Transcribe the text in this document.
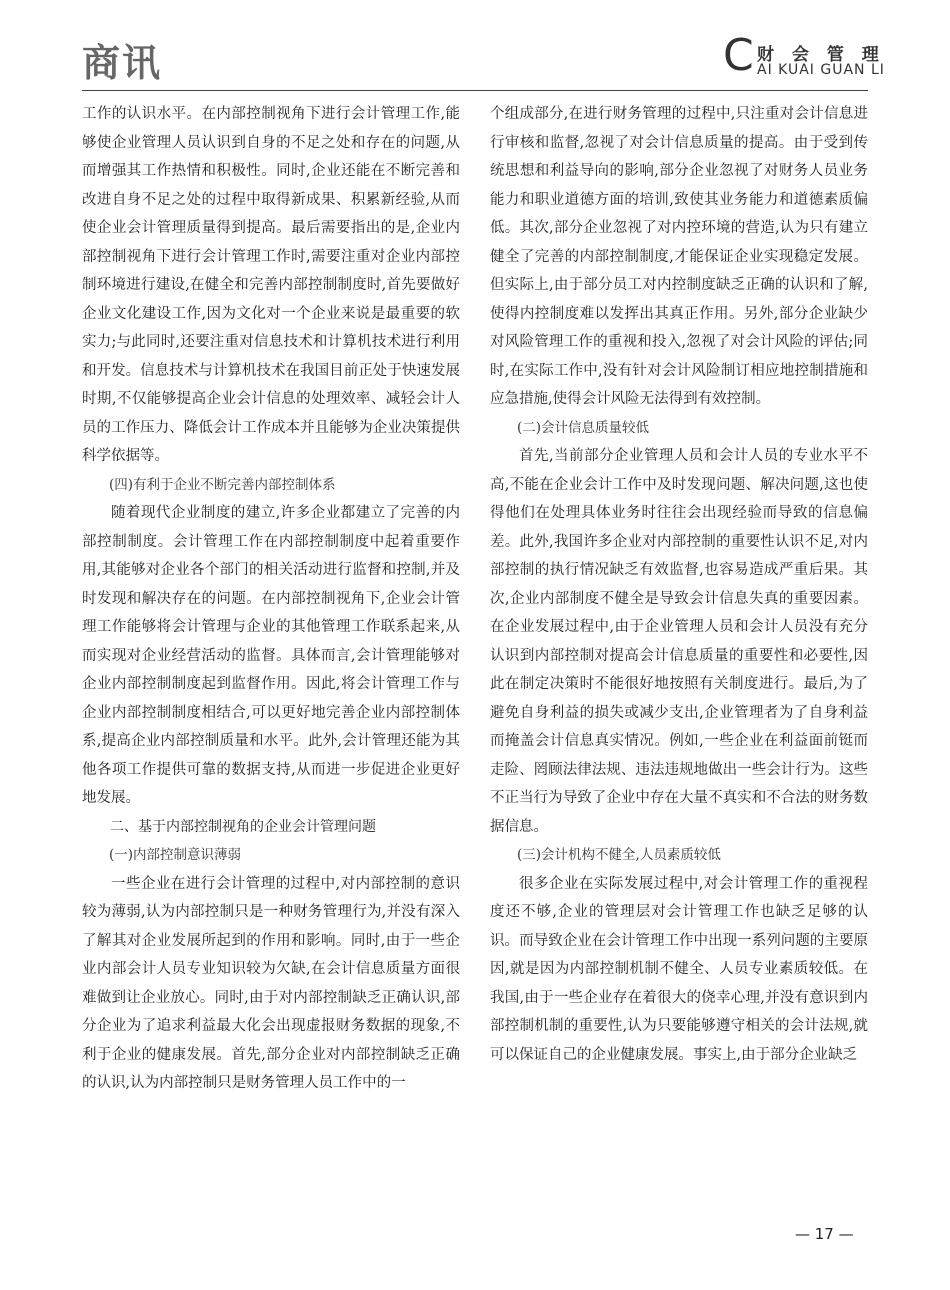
商讯	C 财 会 管 理
AI KUAI GUAN LI

工作的认识水平。在内部控制视角下进行会计管理工作,能够使企业管理人员认识到自身的不足之处和存在的问题,从而增强其工作热情和积极性。同时,企业还能在不断完善和改进自身不足之处的过程中取得新成果、积累新经验,从而使企业会计管理质量得到提高。最后需要指出的是,企业内部控制视角下进行会计管理工作时,需要注重对企业内部控制环境进行建设,在健全和完善内部控制制度时,首先要做好企业文化建设工作,因为文化对一个企业来说是最重要的软实力;与此同时,还要注重对信息技术和计算机技术进行利用和开发。信息技术与计算机技术在我国目前正处于快速发展时期,不仅能够提高企业会计信息的处理效率、减轻会计人员的工作压力、降低会计工作成本并且能够为企业决策提供科学依据等。

(四)有利于企业不断完善内部控制体系

随着现代企业制度的建立,许多企业都建立了完善的内部控制制度。会计管理工作在内部控制制度中起着重要作用,其能够对企业各个部门的相关活动进行监督和控制,并及时发现和解决存在的问题。在内部控制视角下,企业会计管理工作能够将会计管理与企业的其他管理工作联系起来,从而实现对企业经营活动的监督。具体而言,会计管理能够对企业内部控制制度起到监督作用。因此,将会计管理工作与企业内部控制制度相结合,可以更好地完善企业内部控制体系,提高企业内部控制质量和水平。此外,会计管理还能为其他各项工作提供可靠的数据支持,从而进一步促进企业更好地发展。

二、基于内部控制视角的企业会计管理问题

(一)内部控制意识薄弱

一些企业在进行会计管理的过程中,对内部控制的意识较为薄弱,认为内部控制只是一种财务管理行为,并没有深入了解其对企业发展所起到的作用和影响。同时,由于一些企业内部会计人员专业知识较为欠缺,在会计信息质量方面很难做到让企业放心。同时,由于对内部控制缺乏正确认识,部分企业为了追求利益最大化会出现虚报财务数据的现象,不利于企业的健康发展。首先,部分企业对内部控制缺乏正确的认识,认为内部控制只是财务管理人员工作中的一

个组成部分,在进行财务管理的过程中,只注重对会计信息进行审核和监督,忽视了对会计信息质量的提高。由于受到传统思想和利益导向的影响,部分企业忽视了对财务人员业务能力和职业道德方面的培训,致使其业务能力和道德素质偏低。其次,部分企业忽视了对内控环境的营造,认为只有建立健全了完善的内部控制制度,才能保证企业实现稳定发展。但实际上,由于部分员工对内控制度缺乏正确的认识和了解,使得内控制度难以发挥出其真正作用。另外,部分企业缺少对风险管理工作的重视和投入,忽视了对会计风险的评估;同时,在实际工作中,没有针对会计风险制订相应地控制措施和应急措施,使得会计风险无法得到有效控制。

(二)会计信息质量较低

首先,当前部分企业管理人员和会计人员的专业水平不高,不能在企业会计工作中及时发现问题、解决问题,这也使得他们在处理具体业务时往往会出现经验而导致的信息偏差。此外,我国许多企业对内部控制的重要性认识不足,对内部控制的执行情况缺乏有效监督,也容易造成严重后果。其次,企业内部制度不健全是导致会计信息失真的重要因素。在企业发展过程中,由于企业管理人员和会计人员没有充分认识到内部控制对提高会计信息质量的重要性和必要性,因此在制定决策时不能很好地按照有关制度进行。最后,为了避免自身利益的损失或减少支出,企业管理者为了自身利益而掩盖会计信息真实情况。例如,一些企业在利益面前铤而走险、罔顾法律法规、违法违规地做出一些会计行为。这些不正当行为导致了企业中存在大量不真实和不合法的财务数据信息。

(三)会计机构不健全,人员素质较低

很多企业在实际发展过程中,对会计管理工作的重视程度还不够,企业的管理层对会计管理工作也缺乏足够的认识。而导致企业在会计管理工作中出现一系列问题的主要原因,就是因为内部控制机制不健全、人员专业素质较低。在我国,由于一些企业存在着很大的侥幸心理,并没有意识到内部控制机制的重要性,认为只要能够遵守相关的会计法规,就可以保证自己的企业健康发展。事实上,由于部分企业缺乏

— 17 —
